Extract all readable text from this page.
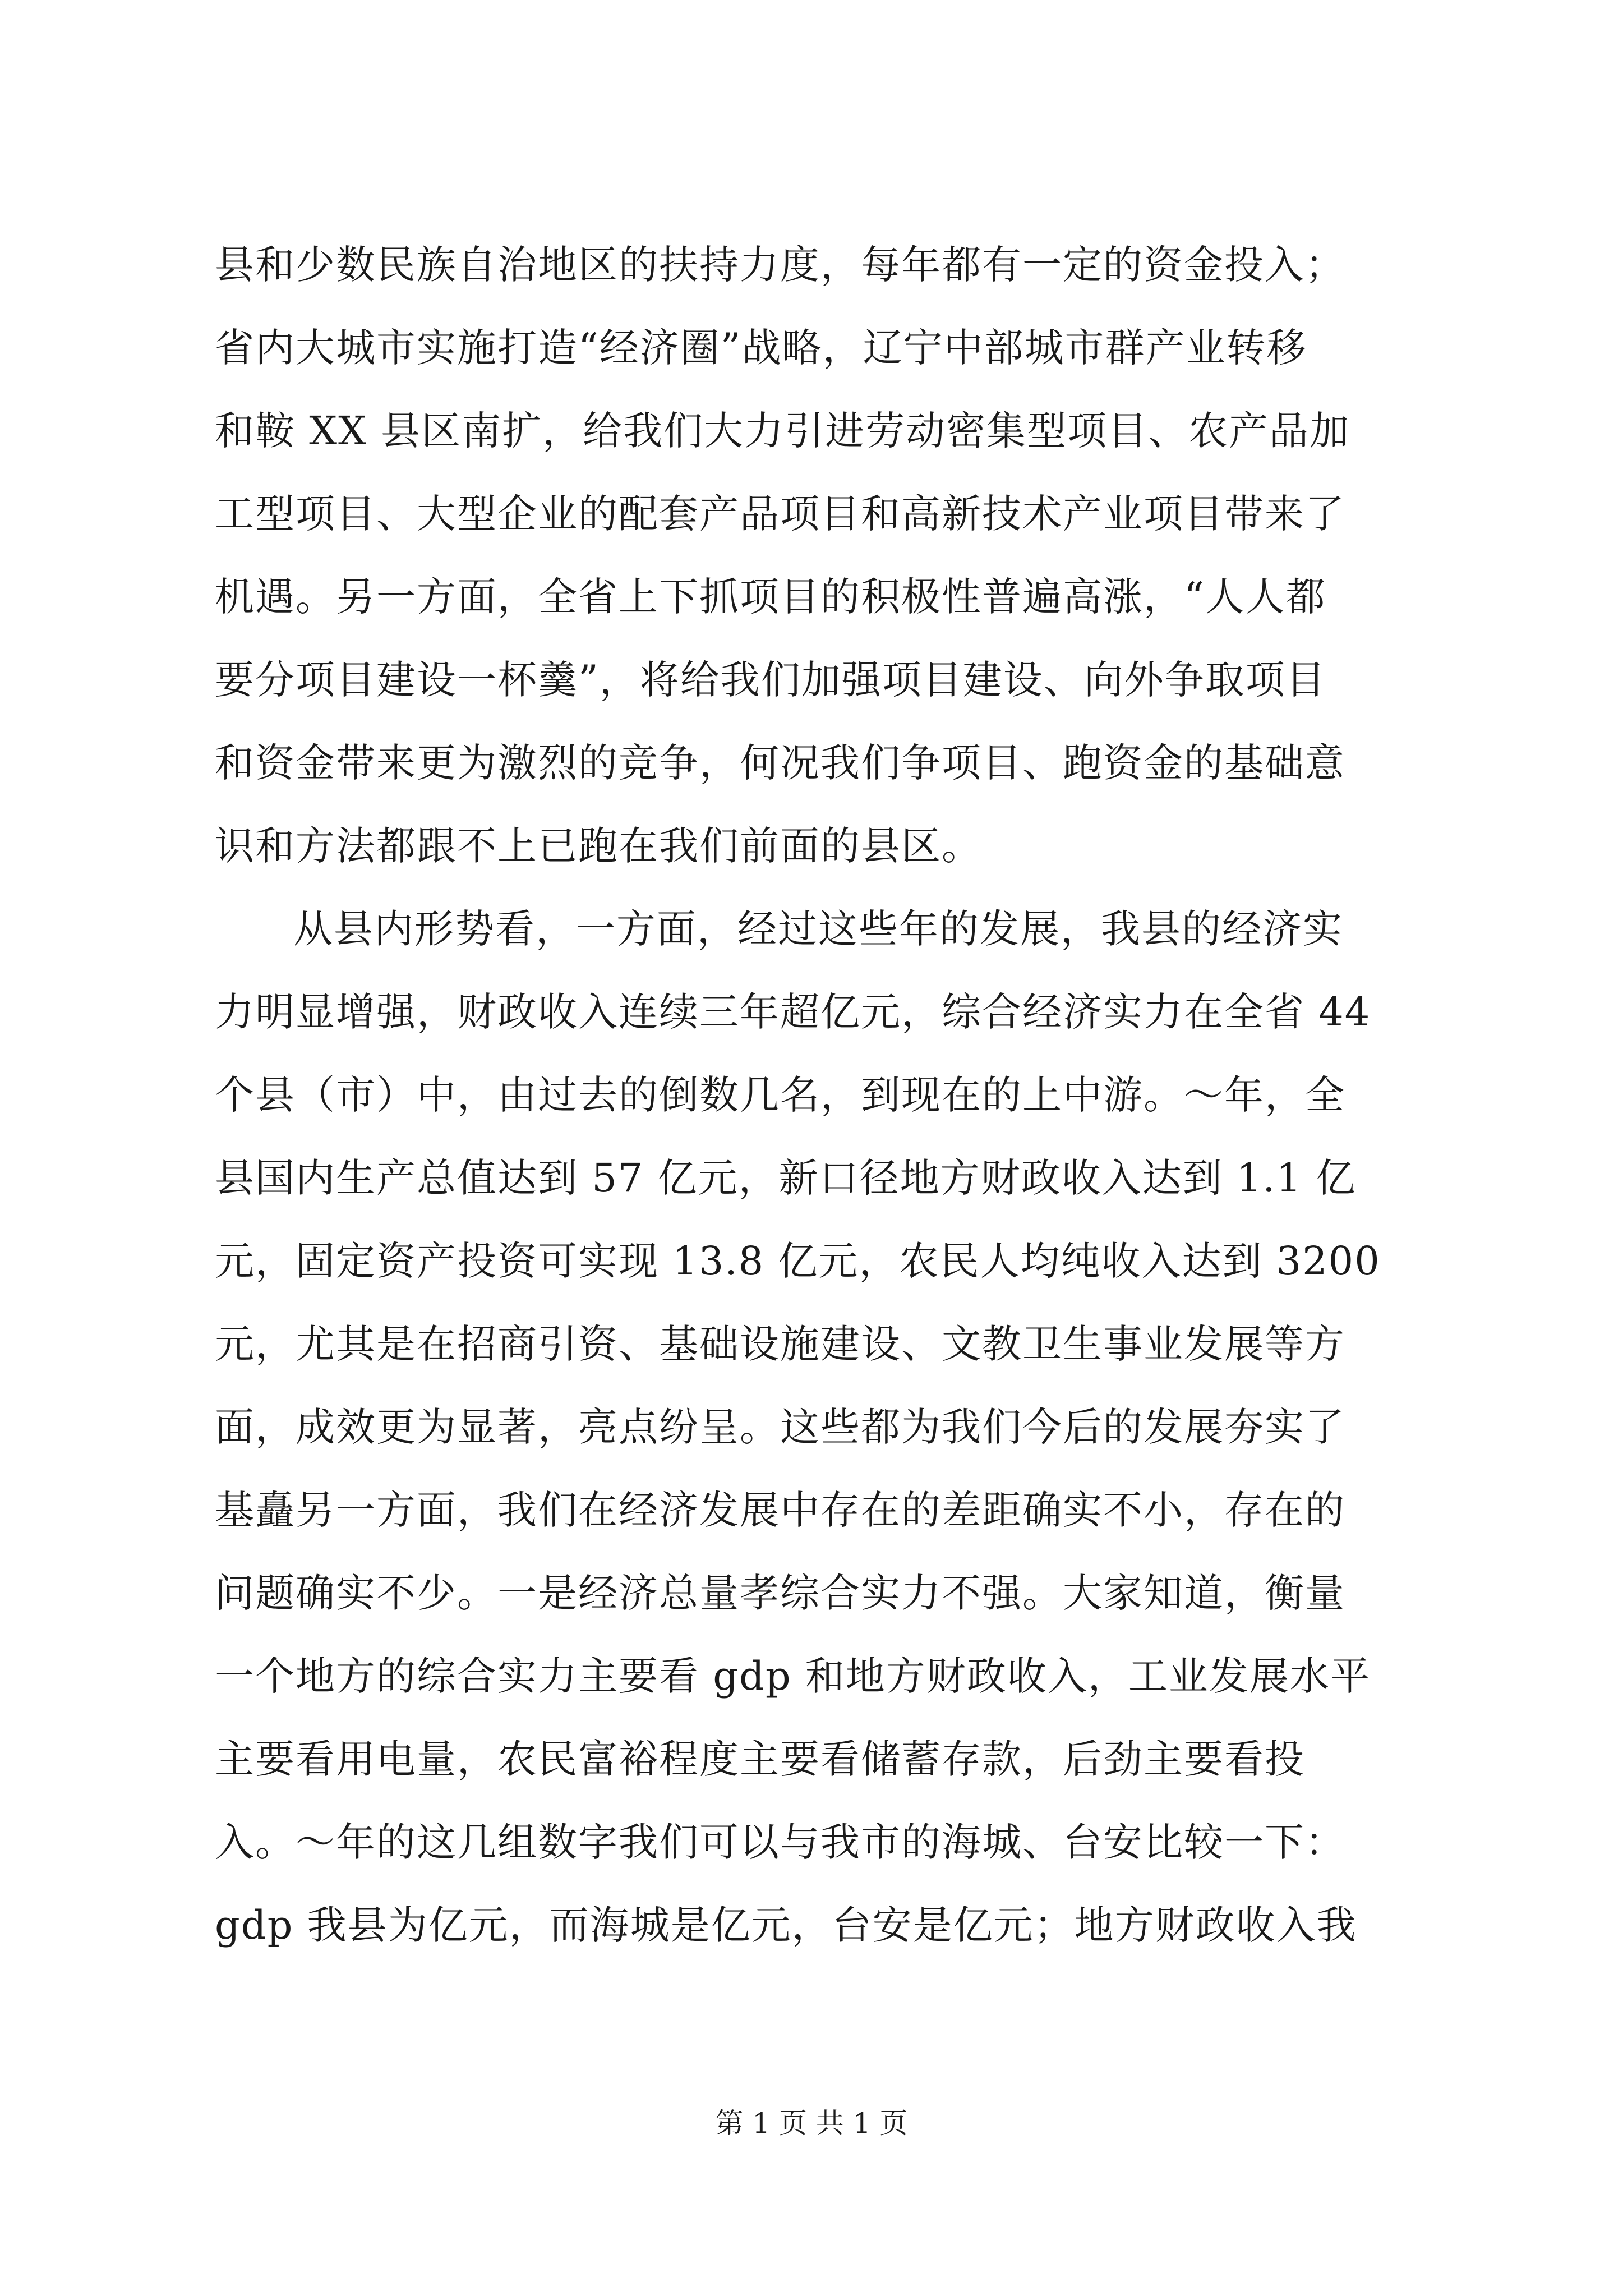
县和少数民族自治地区的扶持力度，每年都有一定的资金投入；
省内大城市实施打造“经济圈”战略，辽宁中部城市群产业转移
和鞍 XX 县区南扩，给我们大力引进劳动密集型项目、农产品加
工型项目、大型企业的配套产品项目和高新技术产业项目带来了
机遇。另一方面，全省上下抓项目的积极性普遍高涨，“人人都
要分项目建设一杯羹”，将给我们加强项目建设、向外争取项目
和资金带来更为激烈的竞争，何况我们争项目、跑资金的基础意
识和方法都跟不上已跑在我们前面的县区。
从县内形势看，一方面，经过这些年的发展，我县的经济实
力明显增强，财政收入连续三年超亿元，综合经济实力在全省 44
个县（市）中，由过去的倒数几名，到现在的上中游。～年，全
县国内生产总值达到 57 亿元，新口径地方财政收入达到 1.1 亿
元，固定资产投资可实现 13.8 亿元，农民人均纯收入达到 3200
元，尤其是在招商引资、基础设施建设、文教卫生事业发展等方
面，成效更为显著，亮点纷呈。这些都为我们今后的发展夯实了
基矗另一方面，我们在经济发展中存在的差距确实不小，存在的
问题确实不少。一是经济总量孝综合实力不强。大家知道，衡量
一个地方的综合实力主要看 gdp 和地方财政收入，工业发展水平
主要看用电量，农民富裕程度主要看储蓄存款，后劲主要看投
入。～年的这几组数字我们可以与我市的海城、台安比较一下：
gdp 我县为亿元，而海城是亿元，台安是亿元；地方财政收入我
第 1 页 共 1 页
